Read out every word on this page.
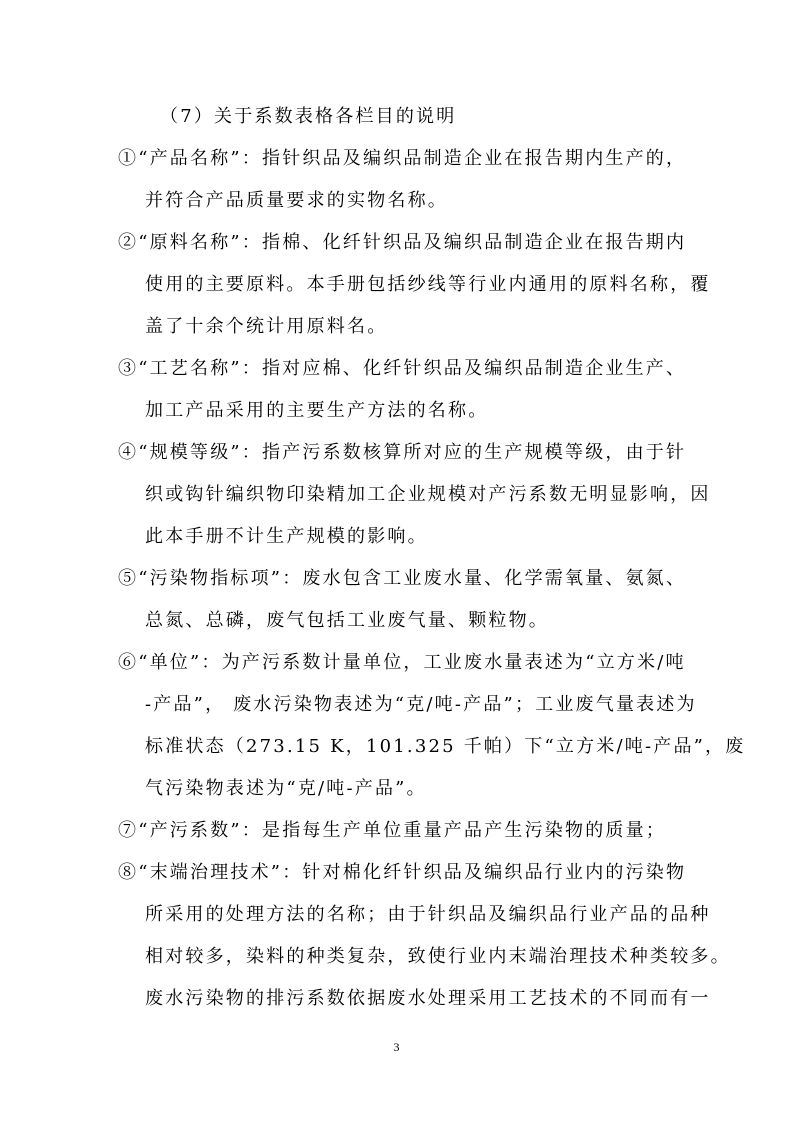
（7）关于系数表格各栏目的说明
①“产品名称”：指针织品及编织品制造企业在报告期内生产的，
并符合产品质量要求的实物名称。
②“原料名称”：指棉、化纤针织品及编织品制造企业在报告期内
使用的主要原料。本手册包括纱线等行业内通用的原料名称，覆
盖了十余个统计用原料名。
③“工艺名称”：指对应棉、化纤针织品及编织品制造企业生产、
加工产品采用的主要生产方法的名称。
④“规模等级”：指产污系数核算所对应的生产规模等级，由于针
织或钩针编织物印染精加工企业规模对产污系数无明显影响，因
此本手册不计生产规模的影响。
⑤“污染物指标项”：废水包含工业废水量、化学需氧量、氨氮、
总氮、总磷，废气包括工业废气量、颗粒物。
⑥“单位”：为产污系数计量单位，工业废水量表述为“立方米/吨
-产品”， 废水污染物表述为“克/吨-产品”；工业废气量表述为
标准状态（273.15 K，101.325 千帕）下“立方米/吨-产品”，废
气污染物表述为“克/吨-产品”。
⑦“产污系数”：是指每生产单位重量产品产生污染物的质量；
⑧“末端治理技术”：针对棉化纤针织品及编织品行业内的污染物
所采用的处理方法的名称；由于针织品及编织品行业产品的品种
相对较多，染料的种类复杂，致使行业内末端治理技术种类较多。
废水污染物的排污系数依据废水处理采用工艺技术的不同而有一
3
